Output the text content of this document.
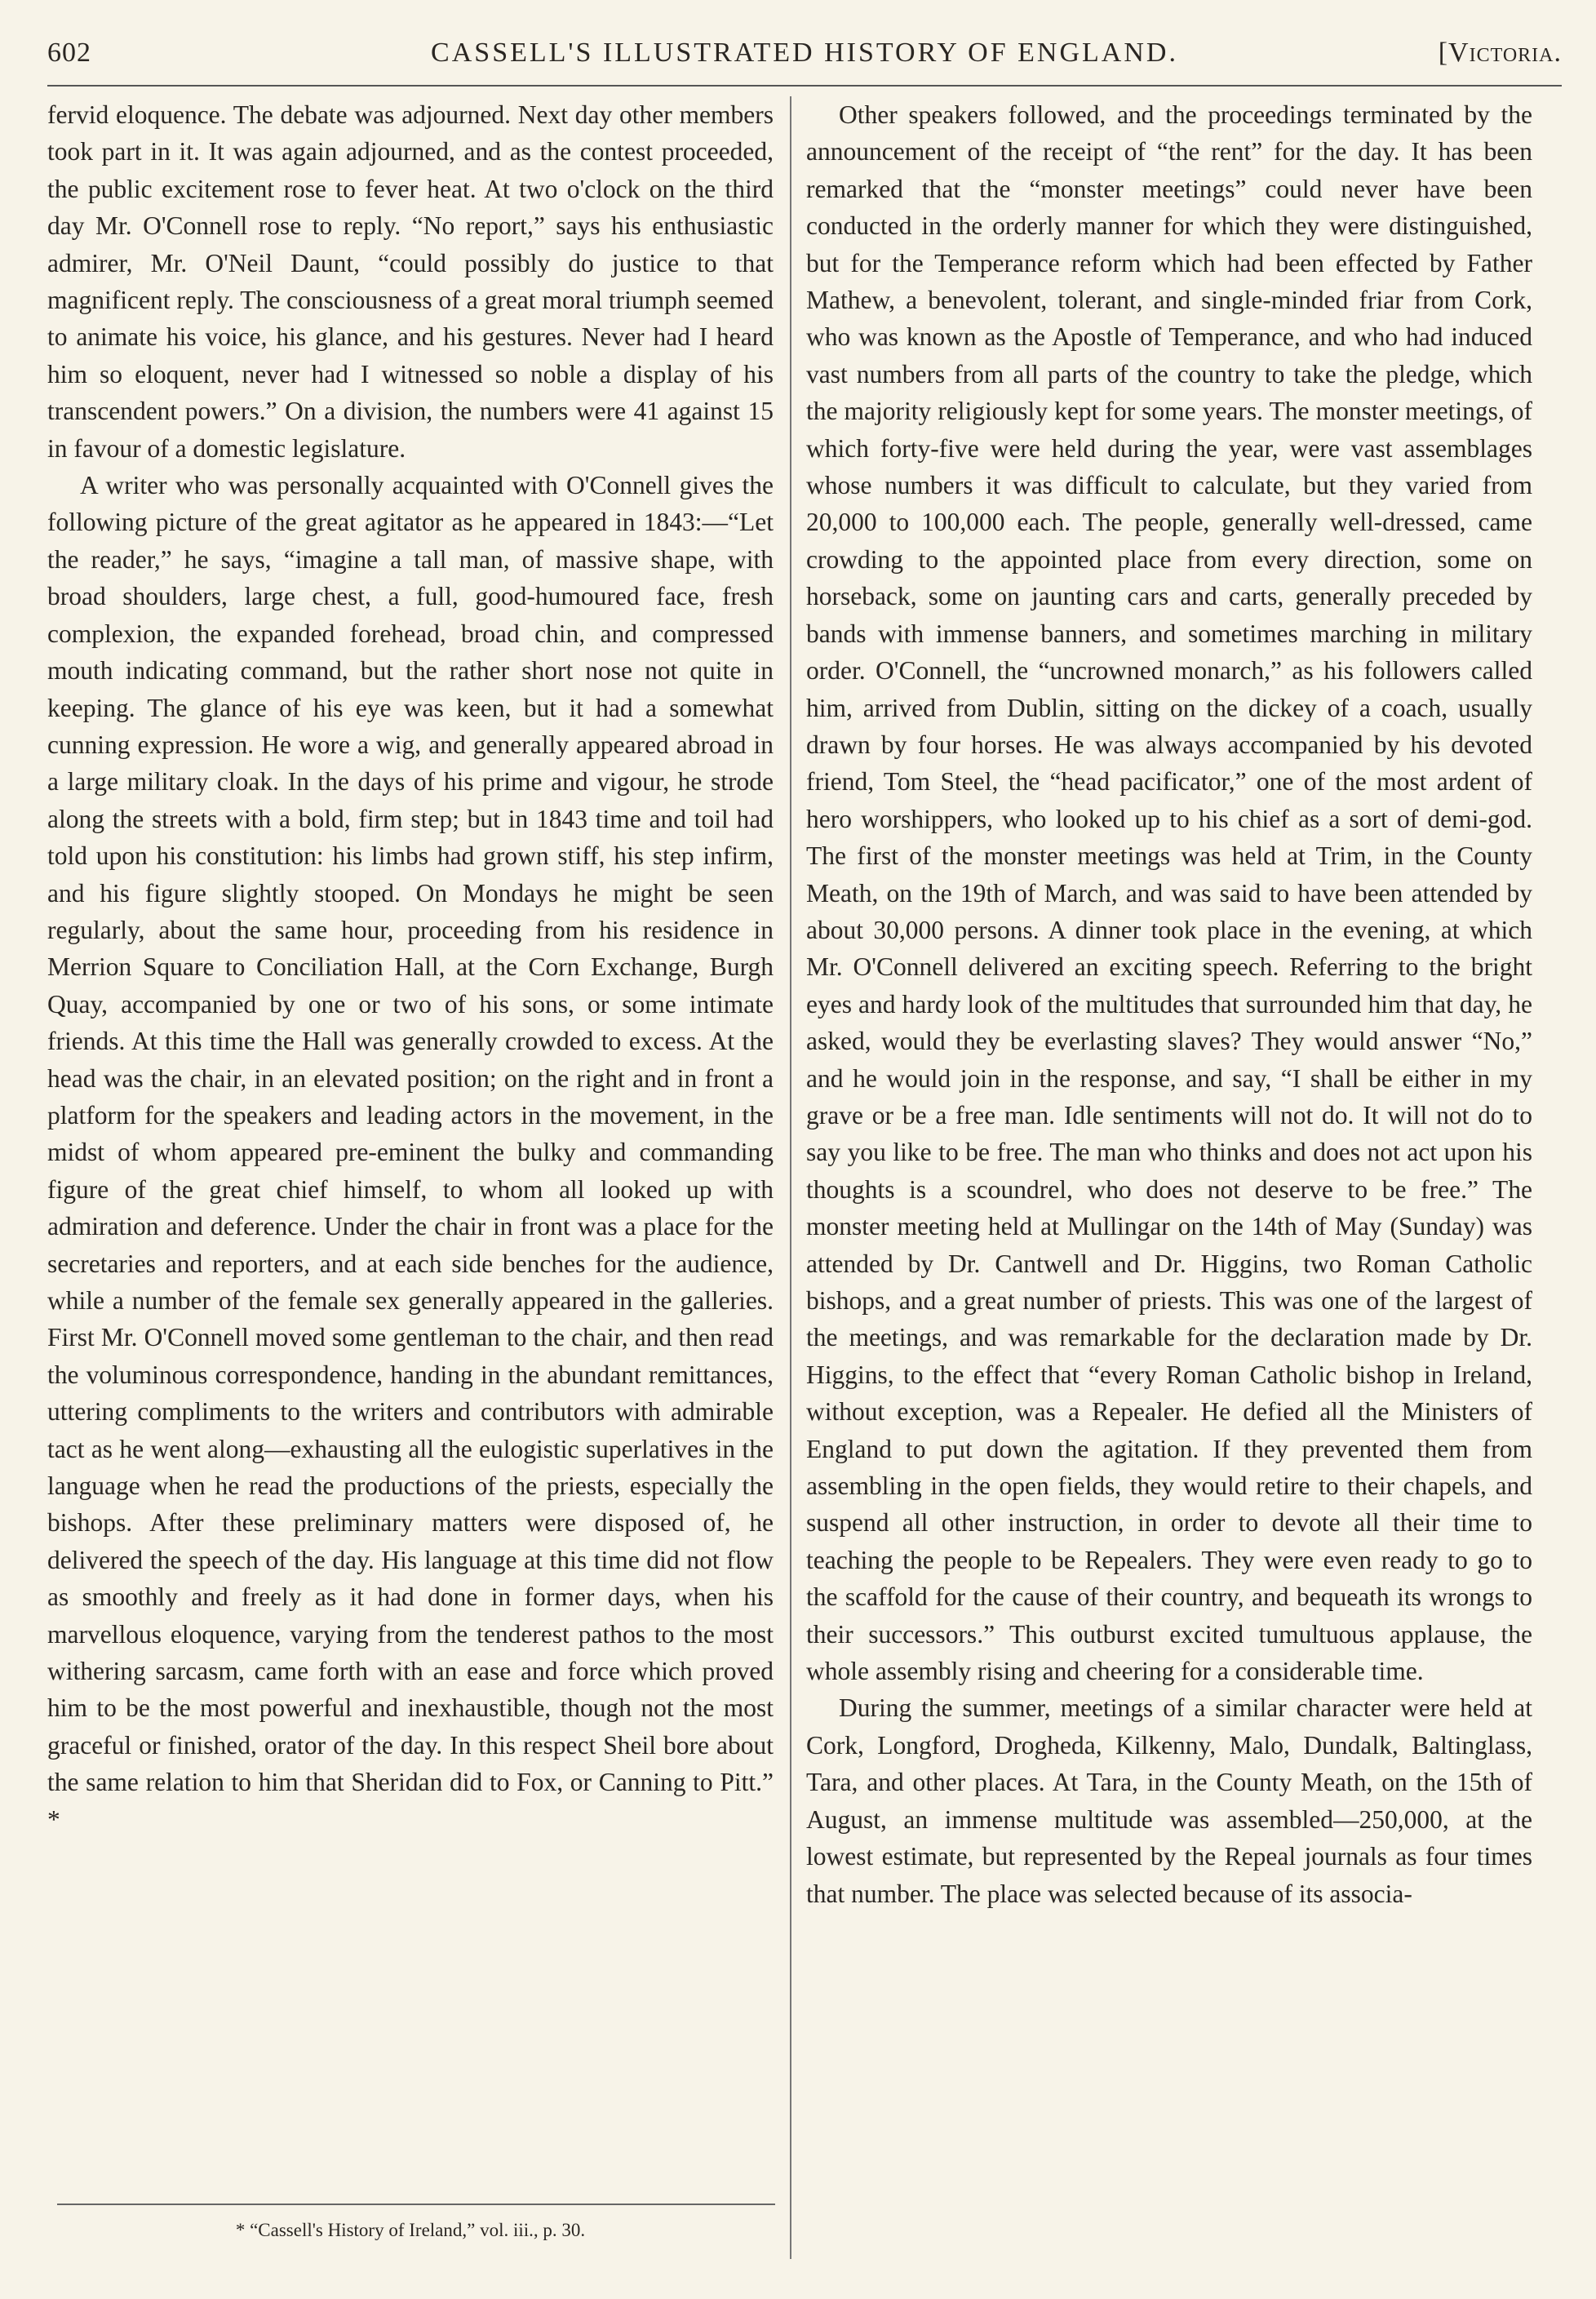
602	CASSELL'S ILLUSTRATED HISTORY OF ENGLAND.	[Victoria.

fervid eloquence. The debate was adjourned. Next day other members took part in it. It was again adjourned, and as the contest proceeded, the public excitement rose to fever heat. At two o'clock on the third day Mr. O'Connell rose to reply. “No report,” says his enthusiastic admirer, Mr. O'Neil Daunt, “could possibly do justice to that magnificent reply. The consciousness of a great moral triumph seemed to animate his voice, his glance, and his gestures. Never had I heard him so eloquent, never had I witnessed so noble a display of his transcendent powers.” On a division, the numbers were 41 against 15 in favour of a domestic legislature.

A writer who was personally acquainted with O'Connell gives the following picture of the great agitator as he appeared in 1843:—“Let the reader,” he says, “imagine a tall man, of massive shape, with broad shoulders, large chest, a full, good-humoured face, fresh complexion, the expanded forehead, broad chin, and compressed mouth indicating command, but the rather short nose not quite in keeping. The glance of his eye was keen, but it had a somewhat cunning expression. He wore a wig, and generally appeared abroad in a large military cloak. In the days of his prime and vigour, he strode along the streets with a bold, firm step; but in 1843 time and toil had told upon his constitution: his limbs had grown stiff, his step infirm, and his figure slightly stooped. On Mondays he might be seen regularly, about the same hour, proceeding from his residence in Merrion Square to Conciliation Hall, at the Corn Exchange, Burgh Quay, accompanied by one or two of his sons, or some intimate friends. At this time the Hall was generally crowded to excess. At the head was the chair, in an elevated position; on the right and in front a platform for the speakers and leading actors in the movement, in the midst of whom appeared pre-eminent the bulky and commanding figure of the great chief himself, to whom all looked up with admiration and deference. Under the chair in front was a place for the secretaries and reporters, and at each side benches for the audience, while a number of the female sex generally appeared in the galleries. First Mr. O'Connell moved some gentleman to the chair, and then read the voluminous correspondence, handing in the abundant remittances, uttering compliments to the writers and contributors with admirable tact as he went along—exhausting all the eulogistic superlatives in the language when he read the productions of the priests, especially the bishops. After these preliminary matters were disposed of, he delivered the speech of the day. His language at this time did not flow as smoothly and freely as it had done in former days, when his marvellous eloquence, varying from the tenderest pathos to the most withering sarcasm, came forth with an ease and force which proved him to be the most powerful and inexhaustible, though not the most graceful or finished, orator of the day. In this respect Sheil bore about the same relation to him that Sheridan did to Fox, or Canning to Pitt.” *

Other speakers followed, and the proceedings terminated by the announcement of the receipt of “the rent” for the day. It has been remarked that the “monster meetings” could never have been conducted in the orderly manner for which they were distinguished, but for the Temperance reform which had been effected by Father Mathew, a benevolent, tolerant, and single-minded friar from Cork, who was known as the Apostle of Temperance, and who had induced vast numbers from all parts of the country to take the pledge, which the majority religiously kept for some years. The monster meetings, of which forty-five were held during the year, were vast assemblages whose numbers it was difficult to calculate, but they varied from 20,000 to 100,000 each. The people, generally well-dressed, came crowding to the appointed place from every direction, some on horseback, some on jaunting cars and carts, generally preceded by bands with immense banners, and sometimes marching in military order. O'Connell, the “uncrowned monarch,” as his followers called him, arrived from Dublin, sitting on the dickey of a coach, usually drawn by four horses. He was always accompanied by his devoted friend, Tom Steel, the “head pacificator,” one of the most ardent of hero worshippers, who looked up to his chief as a sort of demi-god. The first of the monster meetings was held at Trim, in the County Meath, on the 19th of March, and was said to have been attended by about 30,000 persons. A dinner took place in the evening, at which Mr. O'Connell delivered an exciting speech. Referring to the bright eyes and hardy look of the multitudes that surrounded him that day, he asked, would they be everlasting slaves? They would answer “No,” and he would join in the response, and say, “I shall be either in my grave or be a free man. Idle sentiments will not do. It will not do to say you like to be free. The man who thinks and does not act upon his thoughts is a scoundrel, who does not deserve to be free.” The monster meeting held at Mullingar on the 14th of May (Sunday) was attended by Dr. Cantwell and Dr. Higgins, two Roman Catholic bishops, and a great number of priests. This was one of the largest of the meetings, and was remarkable for the declaration made by Dr. Higgins, to the effect that “every Roman Catholic bishop in Ireland, without exception, was a Repealer. He defied all the Ministers of England to put down the agitation. If they prevented them from assembling in the open fields, they would retire to their chapels, and suspend all other instruction, in order to devote all their time to teaching the people to be Repealers. They were even ready to go to the scaffold for the cause of their country, and bequeath its wrongs to their successors.” This outburst excited tumultuous applause, the whole assembly rising and cheering for a considerable time.

During the summer, meetings of a similar character were held at Cork, Longford, Drogheda, Kilkenny, Malo, Dundalk, Baltinglass, Tara, and other places. At Tara, in the County Meath, on the 15th of August, an immense multitude was assembled—250,000, at the lowest estimate, but represented by the Repeal journals as four times that number. The place was selected because of its associa-

* “Cassell's History of Ireland,” vol. iii., p. 30.
